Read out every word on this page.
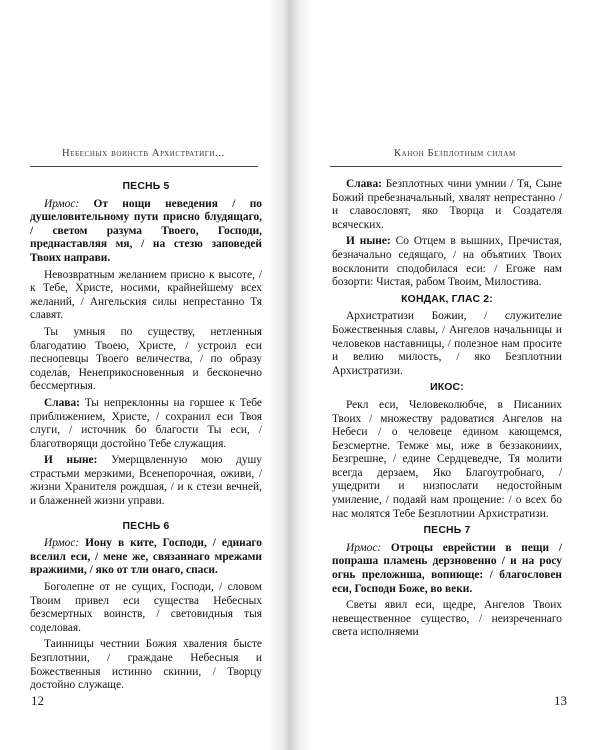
Небесных воинств Архистратиги...
ПЕСНЬ 5

Ирмос: От нощи неведения / по душеловительному пути присно блудящаго, / светом разума Твоего, Господи, преднаставляя мя, / на стезю заповедей Твоих направи.

Невозвратным желанием присно к высоте, / к Тебе, Христе, носими, крайнейшему всех желаний, / Ангельския силы непрестанно Тя славят.

Ты умныя по существу, нетленныя благодатию Твоею, Христе, / устроил еси песнопевцы Твоего величества, / по образу содела́в, Ненеприкосновенныя и бесконечно бессмертныя.

Слава: Ты непреклонны на горшее к Тебе приближением, Христе, / сохранил еси Твоя слуги, / источник бо благости Ты еси, / благотворящи достойно Тебе служащия.

И ныне: Умерщвленную мою душу страстьми мерзкими, Всенепорочная, оживи, / жизни Хранителя рождшая, / и к стези вечней, и блаженней жизни управи.

ПЕСНЬ 6

Ирмос: Иону в ките, Господи, / единаго вселил еси, / мене же, связаннаго мрежами вражиими, / яко от тли онаго, спаси.

Боголепне от не сущих, Господи, / словом Твоим привел еси существа Небесных безсмертных воинств, / световидныя тыя соделовая.

Таинницы честнии Божия хваления бысте Безплотнии, / граждане Небесныя и Божественныя истинно скинии, / Творцу достойно служаще.

12
Канон Безплотным силам

Слава: Безплотных чини умнии / Тя, Сыне Божий пребезначальный, хвалят непрестанно / и славословят, яко Творца и Создателя всяческих.

И ныне: Со Отцем в вышних, Пречистая, безначально седящаго, / на объятиих Твоих восклонити сподобилася еси: / Егоже нам бозорти: Чистая, рабом Твоим, Милостива.

КОНДАК, ГЛАС 2:

Архистратизи Божии, / служителие Божественныя славы, / Ангелов начальницы и человеков наставницы, / полезное нам просите и велию милость, / яко Безплотнии Архистратизи.

ИКОС:

Рекл еси, Человеколюбче, в Писаниих Твоих / множеству радоватися Ангелов на Небеси / о человеце едином кающемся, Безсмертне. Темже мы, иже в беззакониих, Безгрешне, / едине Сердцеведче, Тя молити всегда дерзаем, Яко Благоутробнаго, / ущедрити и низпослати недостойным умиление, / подаяй нам прощение: / о всех бо нас молятся Тебе Безплотнии Архистратизи.

ПЕСНЬ 7

Ирмос: Отроцы еврейстии в пещи / попраша пламень дерзновенно / и на росу огнь преложиша, вопиюще: / благословен еси, Господи Боже, во веки.

Светы явил еси, щедре, Ангелов Твоих невещественное существо, / неизреченнаго света исполняеми

13
